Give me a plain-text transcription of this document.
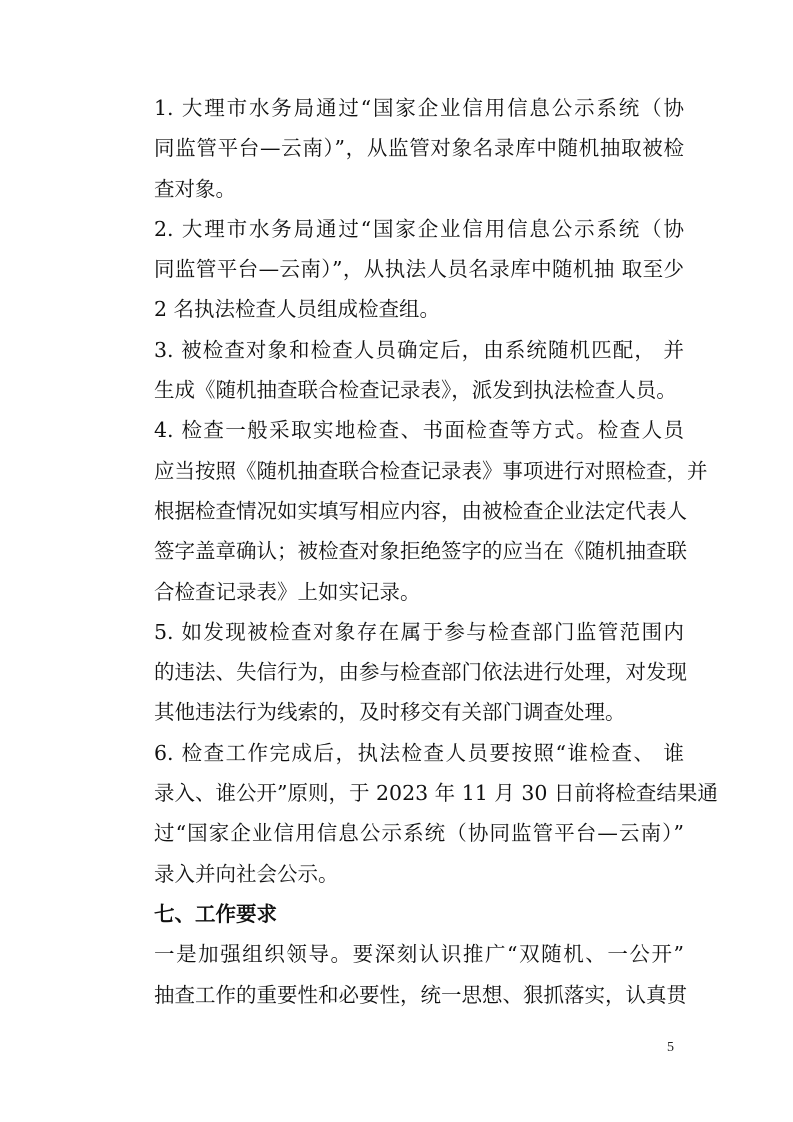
1. 大理市水务局通过“国家企业信用信息公示系统（协
同监管平台—云南）”，从监管对象名录库中随机抽取被检
查对象。

2. 大理市水务局通过“国家企业信用信息公示系统（协
同监管平台—云南）”，从执法人员名录库中随机抽 取至少
2 名执法检查人员组成检查组。

3. 被检查对象和检查人员确定后，由系统随机匹配， 并
生成《随机抽查联合检查记录表》，派发到执法检查人员。

4. 检查一般采取实地检查、书面检查等方式。检查人员
应当按照《随机抽查联合检查记录表》事项进行对照检查，并
根据检查情况如实填写相应内容，由被检查企业法定代表人
签字盖章确认；被检查对象拒绝签字的应当在《随机抽查联
合检查记录表》上如实记录。

5. 如发现被检查对象存在属于参与检查部门监管范围内
的违法、失信行为，由参与检查部门依法进行处理，对发现
其他违法行为线索的，及时移交有关部门调查处理。

6. 检查工作完成后，执法检查人员要按照“谁检查、 谁
录入、谁公开”原则，于 2023 年 11 月 30 日前将检查结果通
过“国家企业信用信息公示系统（协同监管平台—云南）”
录入并向社会公示。

七、工作要求

一是加强组织领导。要深刻认识推广“双随机、一公开”
抽查工作的重要性和必要性，统一思想、狠抓落实，认真贯

5
